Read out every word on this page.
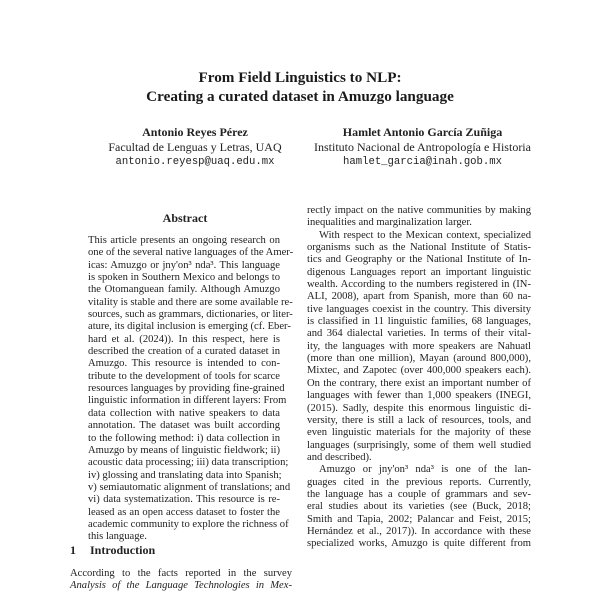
From Field Linguistics to NLP:
Creating a curated dataset in Amuzgo language
Antonio Reyes Pérez
Facultad de Lenguas y Letras, UAQ
antonio.reyesp@uaq.edu.mx
Hamlet Antonio García Zuñiga
Instituto Nacional de Antropología e Historia
hamlet_garcia@inah.gob.mx
Abstract
This article presents an ongoing research on
one of the several native languages of the Amer-
icas: Amuzgo or jny'on³ nda³. This language
is spoken in Southern Mexico and belongs to
the Otomanguean family. Although Amuzgo
vitality is stable and there are some available re-
sources, such as grammars, dictionaries, or liter-
ature, its digital inclusion is emerging (cf. Eber-
hard et al. (2024)). In this respect, here is
described the creation of a curated dataset in
Amuzgo. This resource is intended to con-
tribute to the development of tools for scarce
resources languages by providing fine-grained
linguistic information in different layers: From
data collection with native speakers to data
annotation. The dataset was built according
to the following method: i) data collection in
Amuzgo by means of linguistic fieldwork; ii)
acoustic data processing; iii) data transcription;
iv) glossing and translating data into Spanish;
v) semiautomatic alignment of translations; and
vi) data systematization. This resource is re-
leased as an open access dataset to foster the
academic community to explore the richness of
this language.
1 Introduction
According to the facts reported in the survey
Analysis of the Language Technologies in Mex-
rectly impact on the native communities by making
inequalities and marginalization larger.
With respect to the Mexican context, specialized
organisms such as the National Institute of Statis-
tics and Geography or the National Institute of In-
digenous Languages report an important linguistic
wealth. According to the numbers registered in (IN-
ALI, 2008), apart from Spanish, more than 60 na-
tive languages coexist in the country. This diversity
is classified in 11 linguistic families, 68 languages,
and 364 dialectal varieties. In terms of their vital-
ity, the languages with more speakers are Nahuatl
(more than one million), Mayan (around 800,000),
Mixtec, and Zapotec (over 400,000 speakers each).
On the contrary, there exist an important number of
languages with fewer than 1,000 speakers (INEGI,
(2015). Sadly, despite this enormous linguistic di-
versity, there is still a lack of resources, tools, and
even linguistic materials for the majority of these
languages (surprisingly, some of them well studied
and described).
Amuzgo or jny'on³ nda³ is one of the lan-
guages cited in the previous reports. Currently,
the language has a couple of grammars and sev-
eral studies about its varieties (see (Buck, 2018;
Smith and Tapia, 2002; Palancar and Feist, 2015;
Hernández et al., 2017)). In accordance with these
specialized works, Amuzgo is quite different from
